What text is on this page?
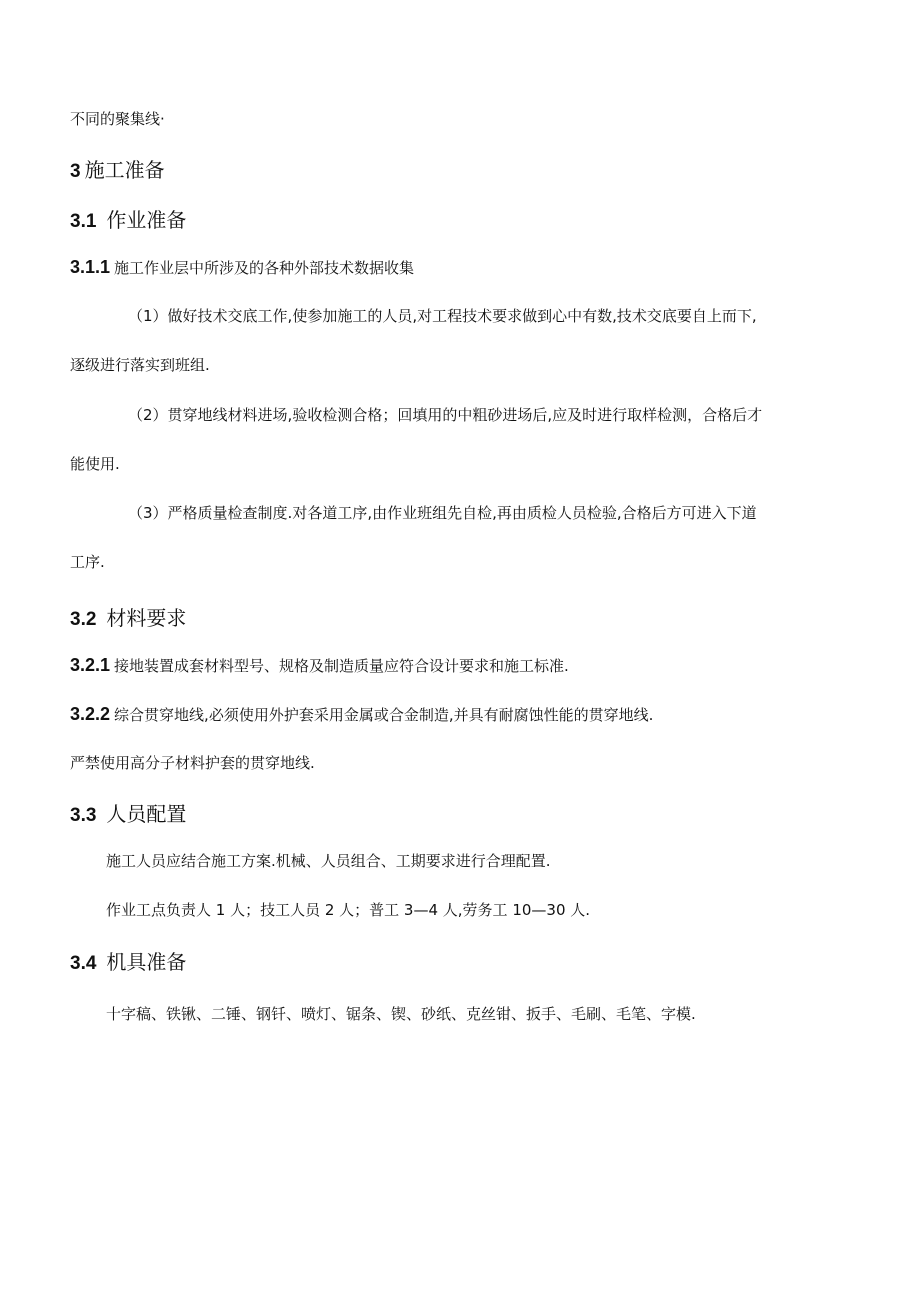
不同的聚集线·
3 施工准备
3.1 作业准备
3.1.1 施工作业层中所涉及的各种外部技术数据收集
（1）做好技术交底工作,使参加施工的人员,对工程技术要求做到心中有数,技术交底要自上而下,
逐级进行落实到班组.
（2）贯穿地线材料进场,验收检测合格；回填用的中粗砂进场后,应及时进行取样检测，合格后才
能使用.
（3）严格质量检查制度.对各道工序,由作业班组先自检,再由质检人员检验,合格后方可进入下道
工序.
3.2 材料要求
3.2.1 接地装置成套材料型号、规格及制造质量应符合设计要求和施工标准.
3.2.2 综合贯穿地线,必须使用外护套采用金属或合金制造,并具有耐腐蚀性能的贯穿地线.
严禁使用高分子材料护套的贯穿地线.
3.3 人员配置
施工人员应结合施工方案.机械、人员组合、工期要求进行合理配置.
作业工点负责人 1 人；技工人员 2 人；普工 3—4 人,劳务工 10—30 人.
3.4 机具准备
十字稿、铁锹、二锤、钢钎、喷灯、锯条、锲、砂纸、克丝钳、扳手、毛刷、毛笔、字模.
